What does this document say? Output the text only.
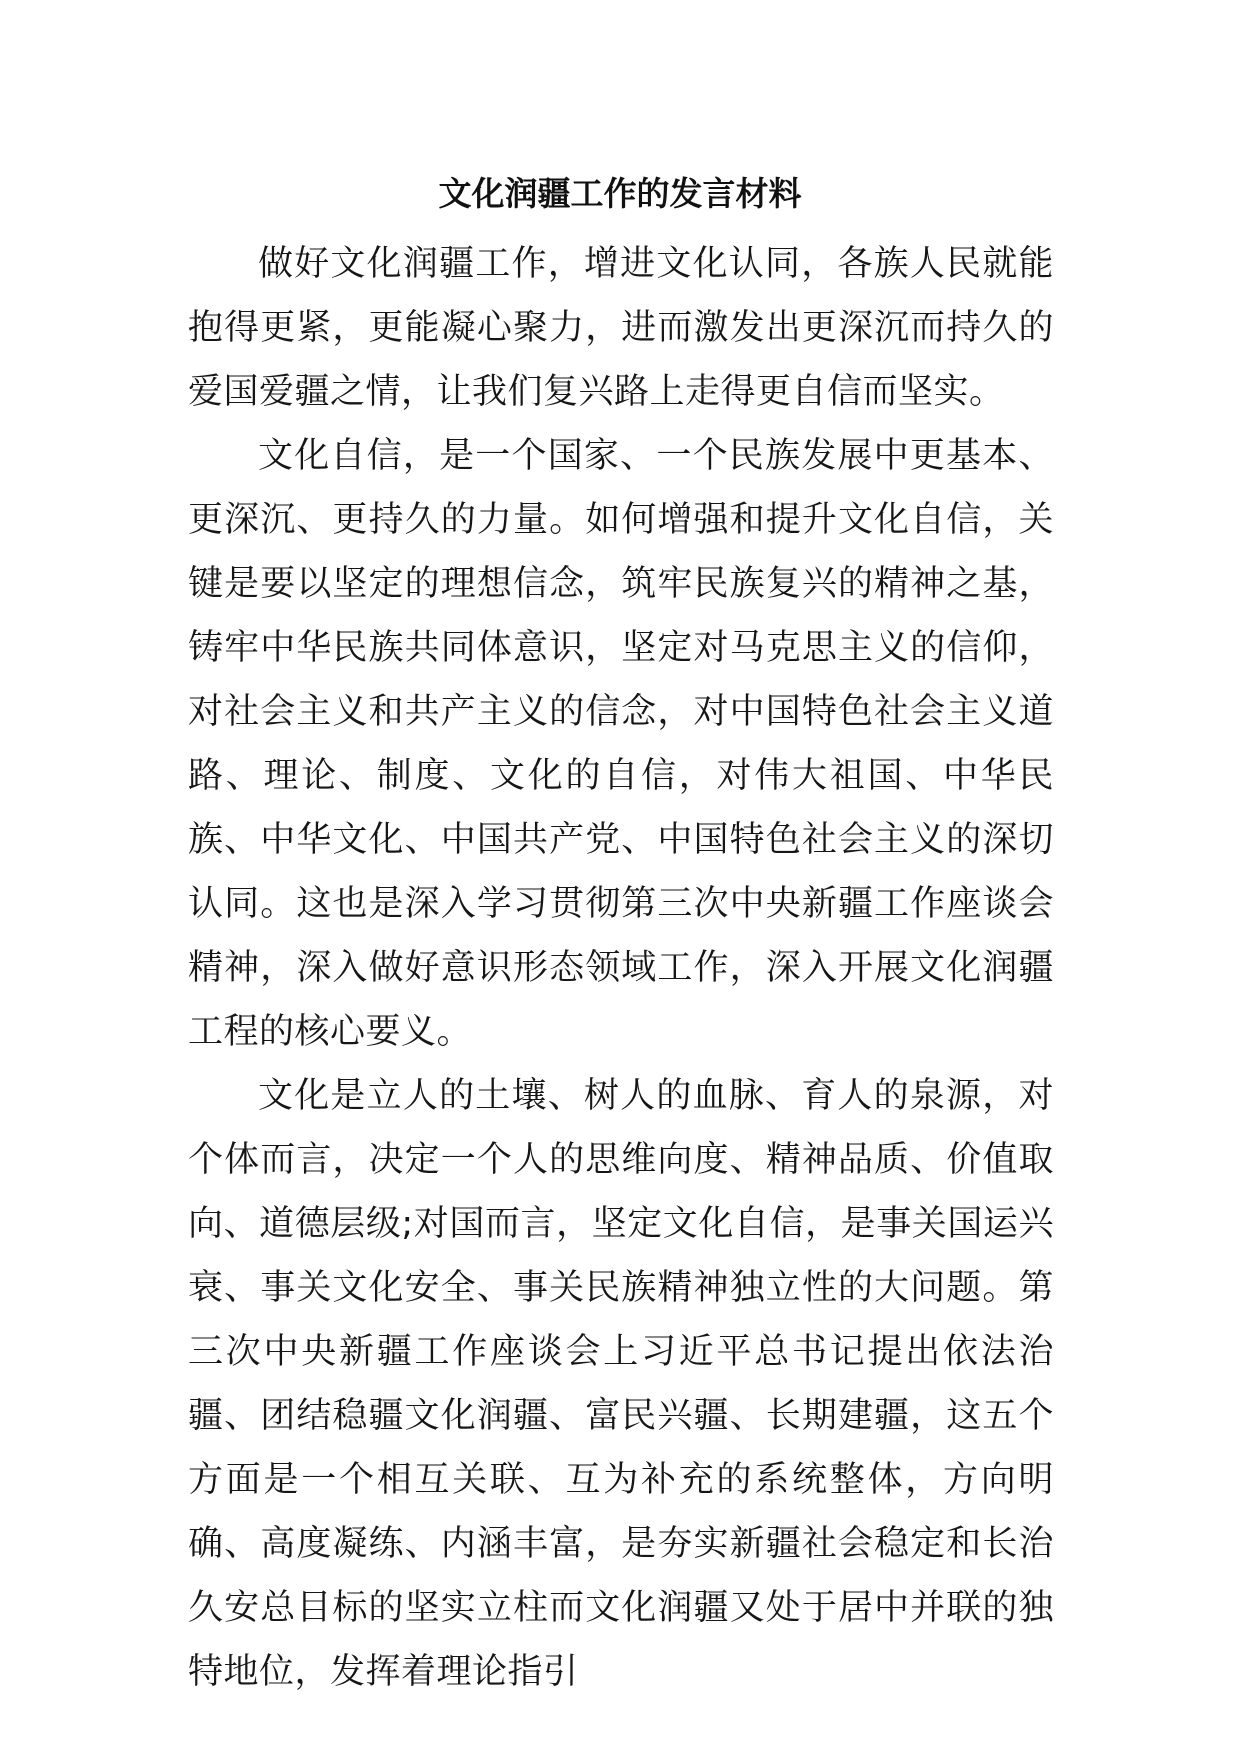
文化润疆工作的发言材料

做好文化润疆工作，增进文化认同，各族人民就能抱得更紧，更能凝心聚力，进而激发出更深沉而持久的爱国爱疆之情，让我们复兴路上走得更自信而坚实。

文化自信，是一个国家、一个民族发展中更基本、更深沉、更持久的力量。如何增强和提升文化自信，关键是要以坚定的理想信念，筑牢民族复兴的精神之基，铸牢中华民族共同体意识，坚定对马克思主义的信仰，对社会主义和共产主义的信念，对中国特色社会主义道路、理论、制度、文化的自信，对伟大祖国、中华民族、中华文化、中国共产党、中国特色社会主义的深切认同。这也是深入学习贯彻第三次中央新疆工作座谈会精神，深入做好意识形态领域工作，深入开展文化润疆工程的核心要义。

文化是立人的土壤、树人的血脉、育人的泉源，对个体而言，决定一个人的思维向度、精神品质、价值取向、道德层级;对国而言，坚定文化自信，是事关国运兴衰、事关文化安全、事关民族精神独立性的大问题。第三次中央新疆工作座谈会上习近平总书记提出依法治疆、团结稳疆文化润疆、富民兴疆、长期建疆，这五个方面是一个相互关联、互为补充的系统整体，方向明确、高度凝练、内涵丰富，是夯实新疆社会稳定和长治久安总目标的坚实立柱而文化润疆又处于居中并联的独特地位，发挥着理论指引
